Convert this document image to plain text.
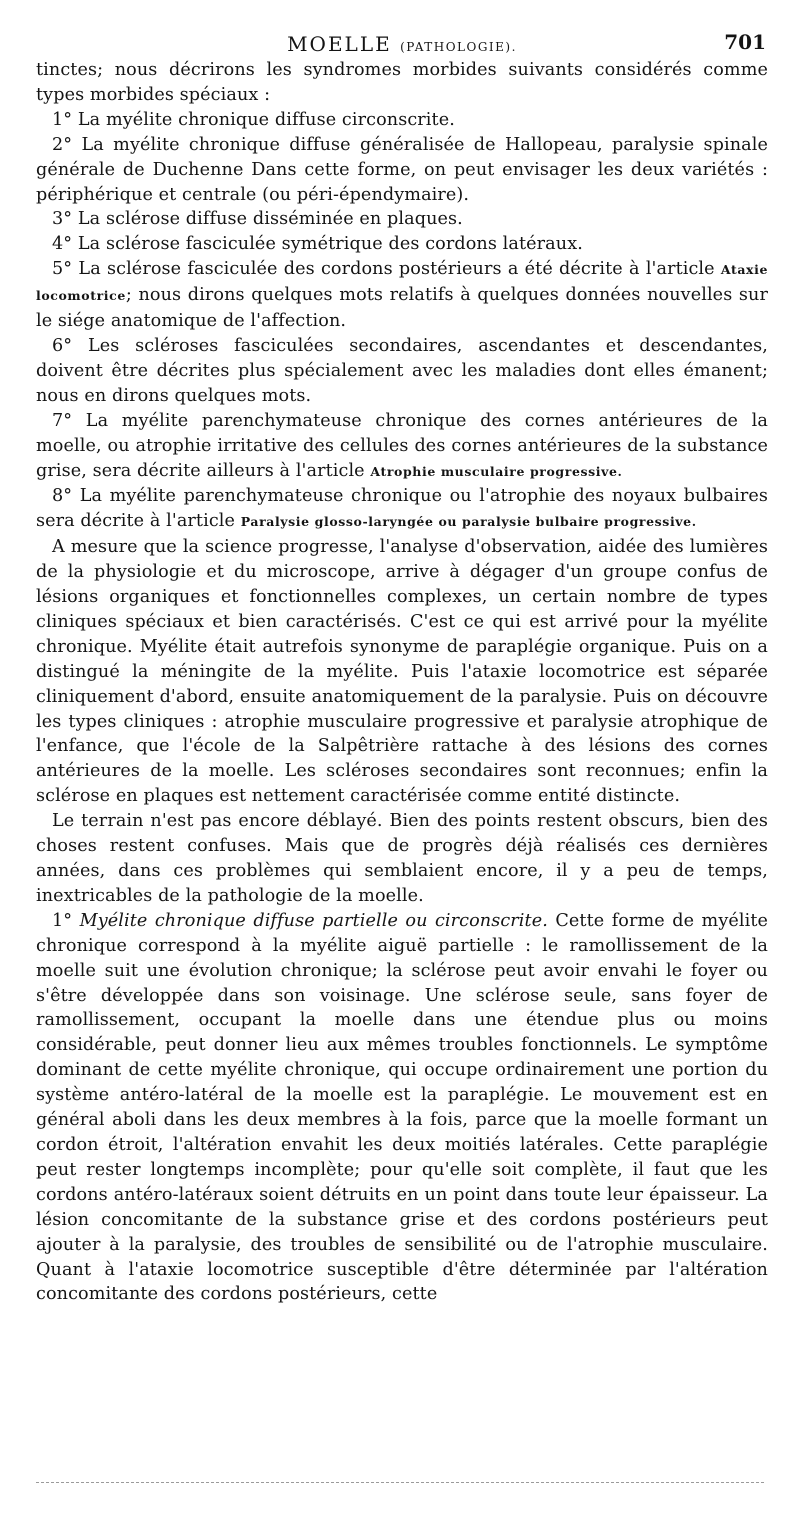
MOELLE (PATHOLOGIE).	701

tinctes; nous décrirons les syndromes morbides suivants considérés comme types morbides spéciaux :

1° La myélite chronique diffuse circonscrite.

2° La myélite chronique diffuse généralisée de Hallopeau, paralysie spinale générale de Duchenne Dans cette forme, on peut envisager les deux variétés : périphérique et centrale (ou péri-épendymaire).

3° La sclérose diffuse disséminée en plaques.

4° La sclérose fasciculée symétrique des cordons latéraux.

5° La sclérose fasciculée des cordons postérieurs a été décrite à l'article Ataxie locomotrice; nous dirons quelques mots relatifs à quelques données nouvelles sur le siége anatomique de l'affection.

6° Les scléroses fasciculées secondaires, ascendantes et descendantes, doivent être décrites plus spécialement avec les maladies dont elles émanent; nous en dirons quelques mots.

7° La myélite parenchymateuse chronique des cornes antérieures de la moelle, ou atrophie irritative des cellules des cornes antérieures de la substance grise, sera décrite ailleurs à l'article Atrophie musculaire progressive.

8° La myélite parenchymateuse chronique ou l'atrophie des noyaux bulbaires sera décrite à l'article Paralysie glosso-laryngée ou paralysie bulbaire progressive.

A mesure que la science progresse, l'analyse d'observation, aidée des lumières de la physiologie et du microscope, arrive à dégager d'un groupe confus de lésions organiques et fonctionnelles complexes, un certain nombre de types cliniques spéciaux et bien caractérisés. C'est ce qui est arrivé pour la myélite chronique. Myélite était autrefois synonyme de paraplégie organique. Puis on a distingué la méningite de la myélite. Puis l'ataxie locomotrice est séparée cliniquement d'abord, ensuite anatomiquement de la paralysie. Puis on découvre les types cliniques : atrophie musculaire progressive et paralysie atrophique de l'enfance, que l'école de la Salpêtrière rattache à des lésions des cornes antérieures de la moelle. Les scléroses secondaires sont reconnues; enfin la sclérose en plaques est nettement caractérisée comme entité distincte.

Le terrain n'est pas encore déblayé. Bien des points restent obscurs, bien des choses restent confuses. Mais que de progrès déjà réalisés ces dernières années, dans ces problèmes qui semblaient encore, il y a peu de temps, inextricables de la pathologie de la moelle.

1° Myélite chronique diffuse partielle ou circonscrite. Cette forme de myélite chronique correspond à la myélite aiguë partielle : le ramollissement de la moelle suit une évolution chronique; la sclérose peut avoir envahi le foyer ou s'être développée dans son voisinage. Une sclérose seule, sans foyer de ramollissement, occupant la moelle dans une étendue plus ou moins considérable, peut donner lieu aux mêmes troubles fonctionnels. Le symptôme dominant de cette myélite chronique, qui occupe ordinairement une portion du système antéro-latéral de la moelle est la paraplégie. Le mouvement est en général aboli dans les deux membres à la fois, parce que la moelle formant un cordon étroit, l'altération envahit les deux moitiés latérales. Cette paraplégie peut rester longtemps incomplète; pour qu'elle soit complète, il faut que les cordons antéro-latéraux soient détruits en un point dans toute leur épaisseur. La lésion concomitante de la substance grise et des cordons postérieurs peut ajouter à la paralysie, des troubles de sensibilité ou de l'atrophie musculaire. Quant à l'ataxie locomotrice susceptible d'être déterminée par l'altération concomitante des cordons postérieurs, cette
